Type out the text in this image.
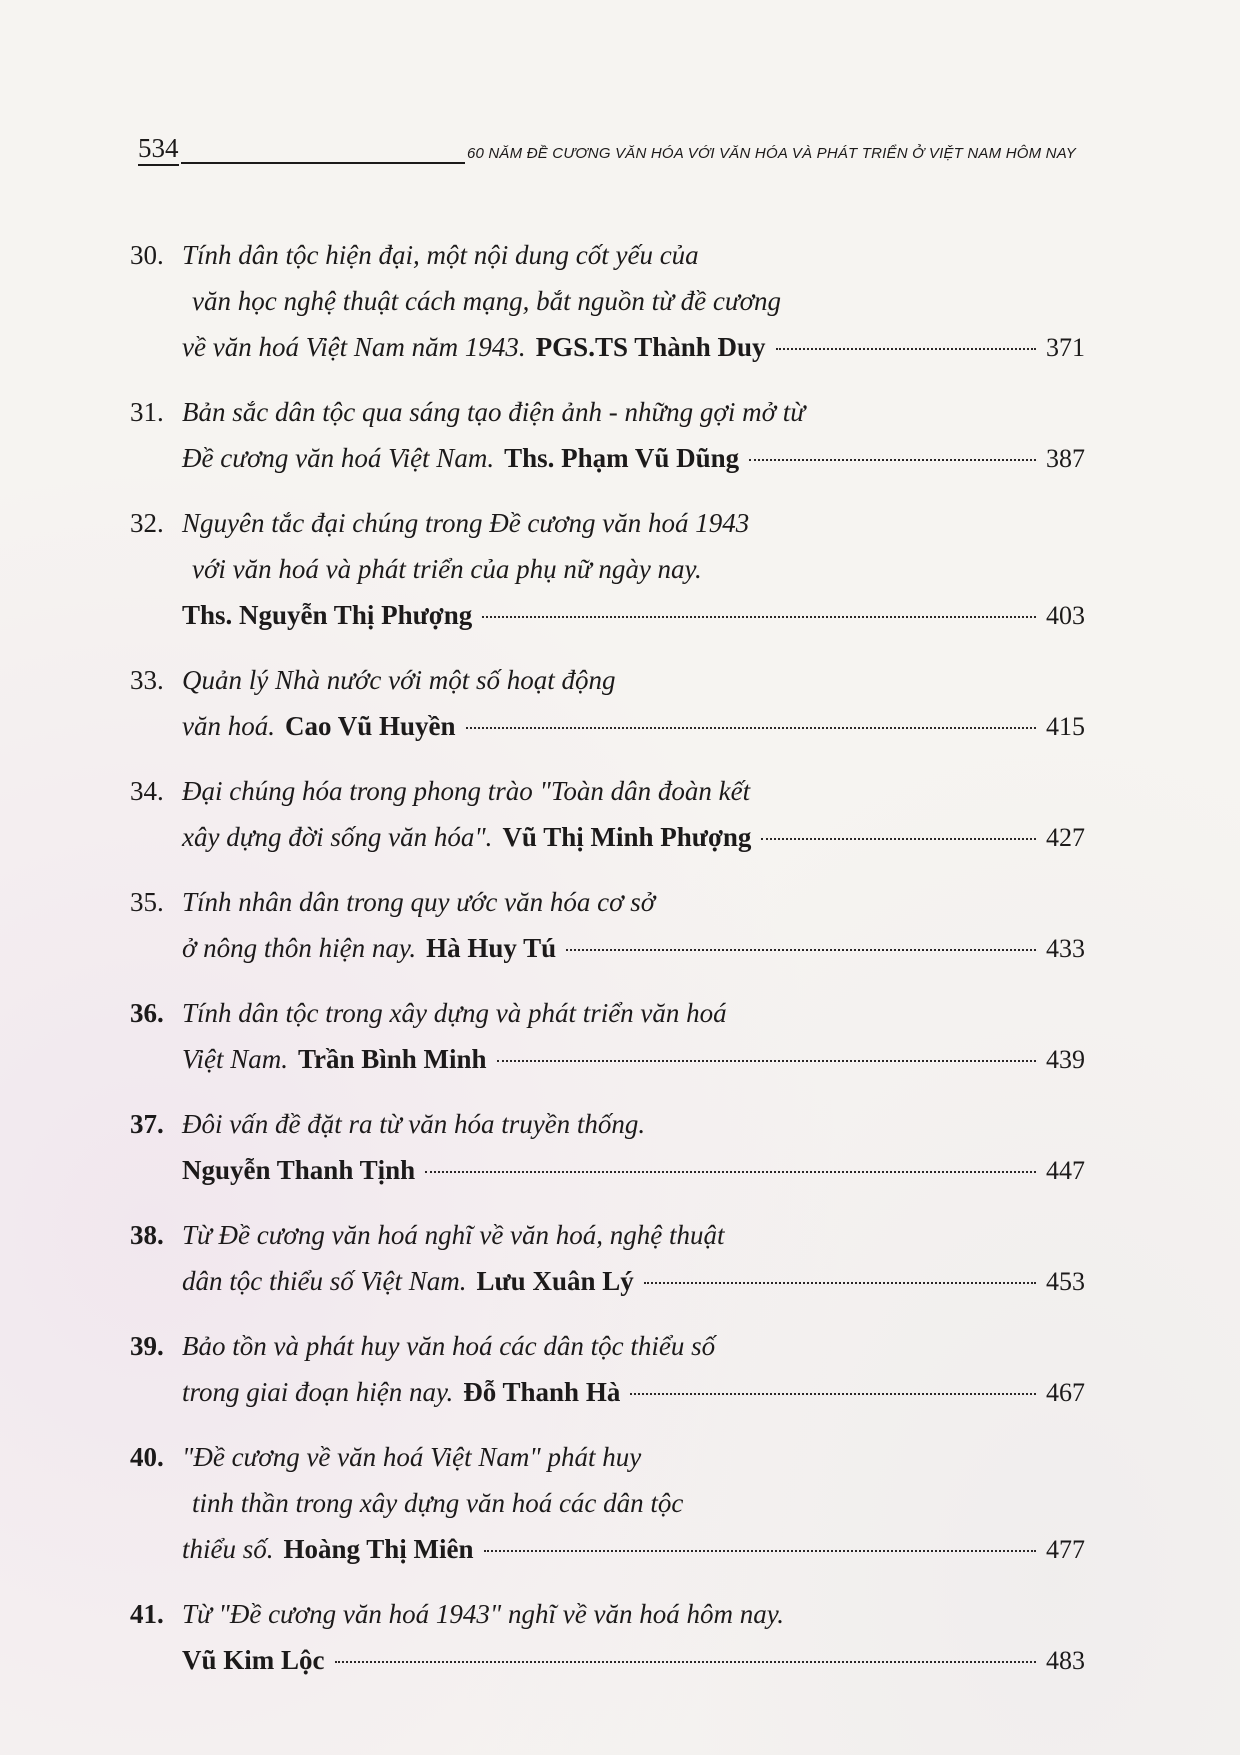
534	60 NĂM ĐỀ CƯƠNG VĂN HÓA VỚI VĂN HÓA VÀ PHÁT TRIỂN Ở VIỆT NAM HÔM NAY
30. Tính dân tộc hiện đại, một nội dung cốt yếu của
văn học nghệ thuật cách mạng, bắt nguồn từ đề cương
về văn hoá Việt Nam năm 1943. PGS.TS Thành Duy	371
31. Bản sắc dân tộc qua sáng tạo điện ảnh - những gợi mở từ
Đề cương văn hoá Việt Nam. Ths. Phạm Vũ Dũng	387
32. Nguyên tắc đại chúng trong Đề cương văn hoá 1943
với văn hoá và phát triển của phụ nữ ngày nay.
Ths. Nguyễn Thị Phượng	403
33. Quản lý Nhà nước với một số hoạt động
văn hoá. Cao Vũ Huyền	415
34. Đại chúng hóa trong phong trào "Toàn dân đoàn kết
xây dựng đời sống văn hóa". Vũ Thị Minh Phượng	427
35. Tính nhân dân trong quy ước văn hóa cơ sở
ở nông thôn hiện nay. Hà Huy Tú	433
36. Tính dân tộc trong xây dựng và phát triển văn hoá
Việt Nam. Trần Bình Minh	439
37. Đôi vấn đề đặt ra từ văn hóa truyền thống.
Nguyễn Thanh Tịnh	447
38. Từ Đề cương văn hoá nghĩ về văn hoá, nghệ thuật
dân tộc thiểu số Việt Nam. Lưu Xuân Lý	453
39. Bảo tồn và phát huy văn hoá các dân tộc thiểu số
trong giai đoạn hiện nay. Đỗ Thanh Hà	467
40. "Đề cương về văn hoá Việt Nam" phát huy
tinh thần trong xây dựng văn hoá các dân tộc
thiểu số. Hoàng Thị Miên	477
41. Từ "Đề cương văn hoá 1943" nghĩ về văn hoá hôm nay.
Vũ Kim Lộc	483
